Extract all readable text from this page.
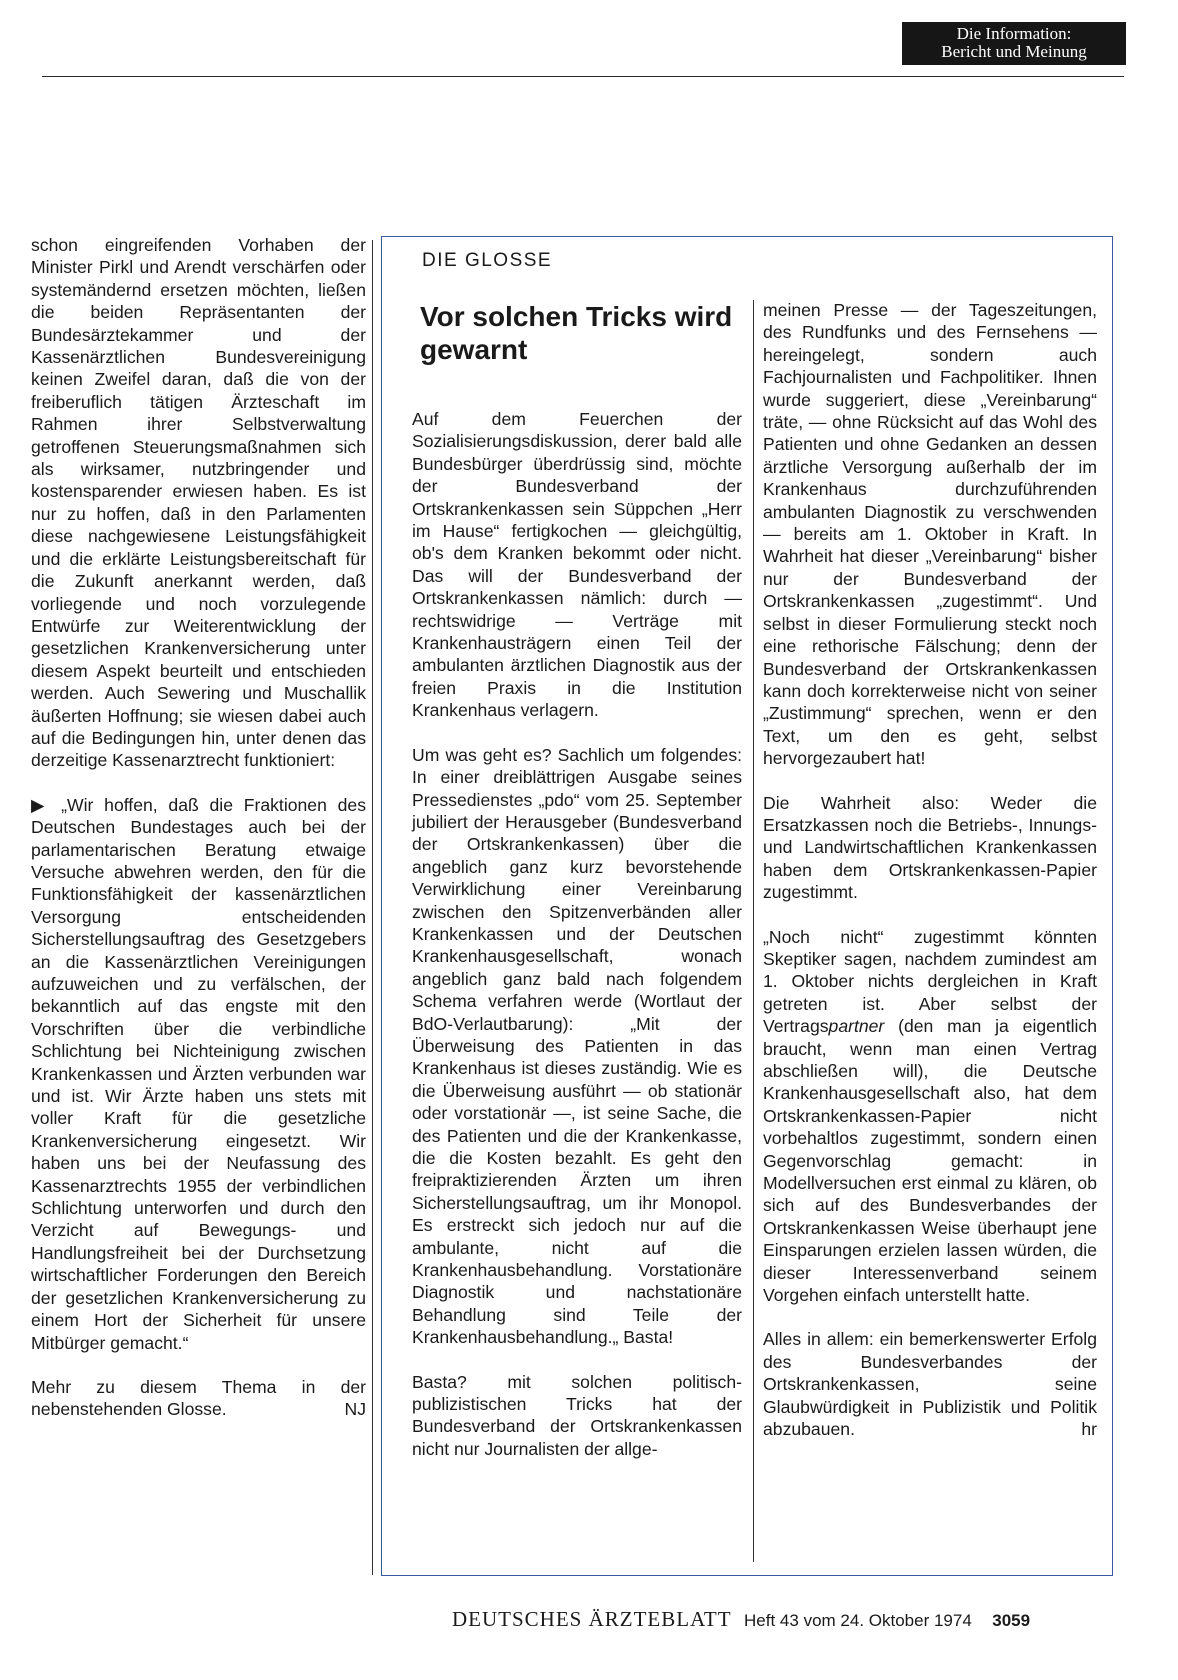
Die Information:
Bericht und Meinung

schon eingreifenden Vorhaben der Minister Pirkl und Arendt verschärfen oder systemändernd ersetzen möchten, ließen die beiden Repräsentanten der Bundesärztekammer und der Kassenärztlichen Bundesvereinigung keinen Zweifel daran, daß die von der freiberuflich tätigen Ärzteschaft im Rahmen ihrer Selbstverwaltung getroffenen Steuerungsmaßnahmen sich als wirksamer, nutzbringender und kostensparender erwiesen haben. Es ist nur zu hoffen, daß in den Parlamenten diese nachgewiesene Leistungsfähigkeit und die erklärte Leistungsbereitschaft für die Zukunft anerkannt werden, daß vorliegende und noch vorzulegende Entwürfe zur Weiterentwicklung der gesetzlichen Krankenversicherung unter diesem Aspekt beurteilt und entschieden werden. Auch Sewering und Muschallik äußerten Hoffnung; sie wiesen dabei auch auf die Bedingungen hin, unter denen das derzeitige Kassenarztrecht funktioniert:

▶ „Wir hoffen, daß die Fraktionen des Deutschen Bundestages auch bei der parlamentarischen Beratung etwaige Versuche abwehren werden, den für die Funktionsfähigkeit der kassenärztlichen Versorgung entscheidenden Sicherstellungsauftrag des Gesetzgebers an die Kassenärztlichen Vereinigungen aufzuweichen und zu verfälschen, der bekanntlich auf das engste mit den Vorschriften über die verbindliche Schlichtung bei Nichteinigung zwischen Krankenkassen und Ärzten verbunden war und ist. Wir Ärzte haben uns stets mit voller Kraft für die gesetzliche Krankenversicherung eingesetzt. Wir haben uns bei der Neufassung des Kassenarztrechts 1955 der verbindlichen Schlichtung unterworfen und durch den Verzicht auf Bewegungs- und Handlungsfreiheit bei der Durchsetzung wirtschaftlicher Forderungen den Bereich der gesetzlichen Krankenversicherung zu einem Hort der Sicherheit für unsere Mitbürger gemacht.“

Mehr zu diesem Thema in der nebenstehenden Glosse.	NJ

DIE GLOSSE
Vor solchen Tricks wird gewarnt

Auf dem Feuerchen der Sozialisierungsdiskussion, derer bald alle Bundesbürger überdrüssig sind, möchte der Bundesverband der Ortskrankenkassen sein Süppchen „Herr im Hause“ fertigkochen — gleichgültig, ob's dem Kranken bekommt oder nicht. Das will der Bundesverband der Ortskrankenkassen nämlich: durch — rechtswidrige — Verträge mit Krankenhausträgern einen Teil der ambulanten ärztlichen Diagnostik aus der freien Praxis in die Institution Krankenhaus verlagern.

Um was geht es? Sachlich um folgendes: In einer dreiblättrigen Ausgabe seines Pressedienstes „pdo“ vom 25. September jubiliert der Herausgeber (Bundesverband der Ortskrankenkassen) über die angeblich ganz kurz bevorstehende Verwirklichung einer Vereinbarung zwischen den Spitzenverbänden aller Krankenkassen und der Deutschen Krankenhausgesellschaft, wonach angeblich ganz bald nach folgendem Schema verfahren werde (Wortlaut der BdO-Verlautbarung): „Mit der Überweisung des Patienten in das Krankenhaus ist dieses zuständig. Wie es die Überweisung ausführt — ob stationär oder vorstationär —, ist seine Sache, die des Patienten und die der Krankenkasse, die die Kosten bezahlt. Es geht den freipraktizierenden Ärzten um ihren Sicherstellungsauftrag, um ihr Monopol. Es erstreckt sich jedoch nur auf die ambulante, nicht auf die Krankenhausbehandlung. Vorstationäre Diagnostik und nachstationäre Behandlung sind Teile der Krankenhausbehandlung.„ Basta!

Basta? mit solchen politisch-publizistischen Tricks hat der Bundesverband der Ortskrankenkassen nicht nur Journalisten der allge-

meinen Presse — der Tageszeitungen, des Rundfunks und des Fernsehens — hereingelegt, sondern auch Fachjournalisten und Fachpolitiker. Ihnen wurde suggeriert, diese „Vereinbarung“ träte, — ohne Rücksicht auf das Wohl des Patienten und ohne Gedanken an dessen ärztliche Versorgung außerhalb der im Krankenhaus durchzuführenden ambulanten Diagnostik zu verschwenden — bereits am 1. Oktober in Kraft. In Wahrheit hat dieser „Vereinbarung“ bisher nur der Bundesverband der Ortskrankenkassen „zugestimmt“. Und selbst in dieser Formulierung steckt noch eine rethorische Fälschung; denn der Bundesverband der Ortskrankenkassen kann doch korrekterweise nicht von seiner „Zustimmung“ sprechen, wenn er den Text, um den es geht, selbst hervorgezaubert hat!

Die Wahrheit also: Weder die Ersatzkassen noch die Betriebs-, Innungs- und Landwirtschaftlichen Krankenkassen haben dem Ortskrankenkassen-Papier zugestimmt.

„Noch nicht“ zugestimmt könnten Skeptiker sagen, nachdem zumindest am 1. Oktober nichts dergleichen in Kraft getreten ist. Aber selbst der Vertragspartner (den man ja eigentlich braucht, wenn man einen Vertrag abschließen will), die Deutsche Krankenhausgesellschaft also, hat dem Ortskrankenkassen-Papier nicht vorbehaltlos zugestimmt, sondern einen Gegenvorschlag gemacht: in Modellversuchen erst einmal zu klären, ob sich auf des Bundesverbandes der Ortskrankenkassen Weise überhaupt jene Einsparungen erzielen lassen würden, die dieser Interessenverband seinem Vorgehen einfach unterstellt hatte.

Alles in allem: ein bemerkenswerter Erfolg des Bundesverbandes der Ortskrankenkassen, seine Glaubwürdigkeit in Publizistik und Politik abzubauen.	hr

DEUTSCHES ÄRZTEBLATT Heft 43 vom 24. Oktober 1974 3059
